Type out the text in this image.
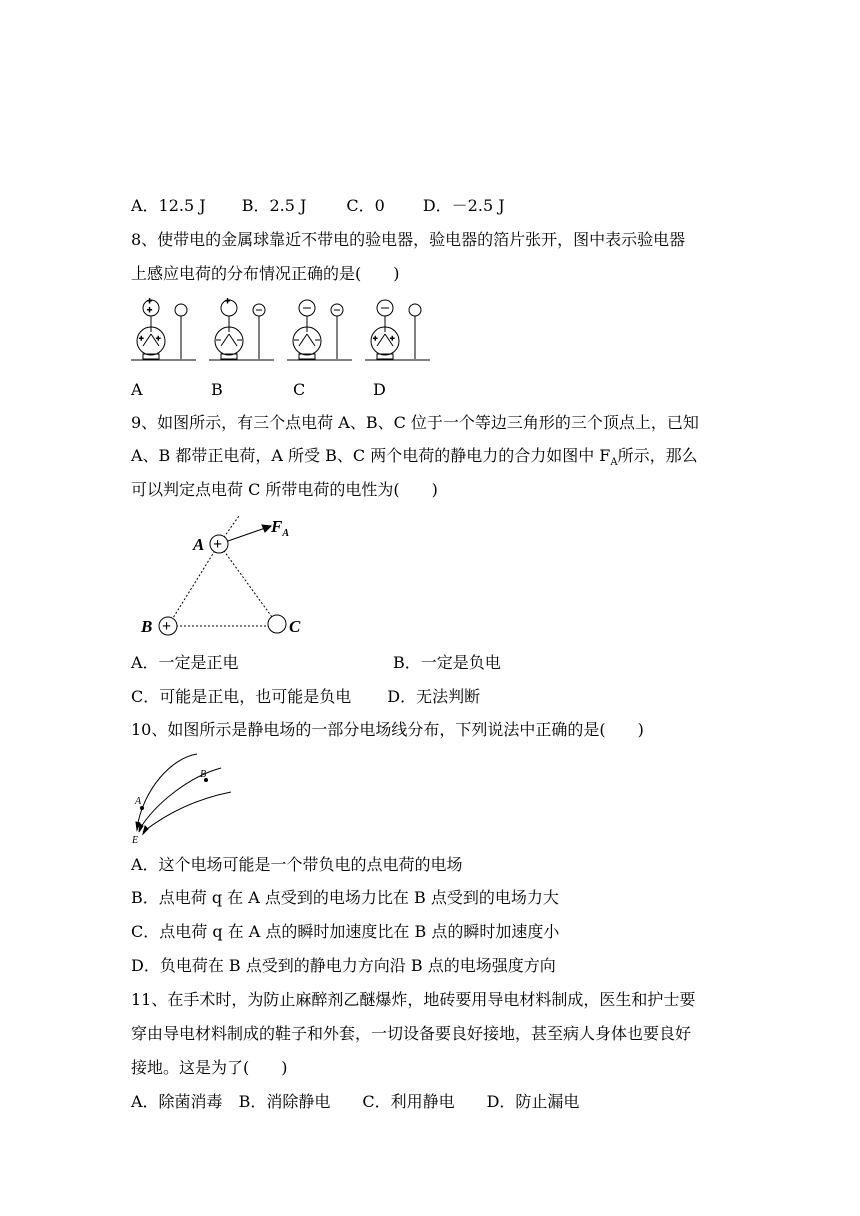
A．12.5 J B．2.5 J	C．0 D．－2.5 J
8、使带电的金属球靠近不带电的验电器，验电器的箔片张开，图中表示验电器
上感应电荷的分布情况正确的是(　　)
+
+
+ +
+
+ +
A	B	C	D
9、如图所示，有三个点电荷 A、B、C 位于一个等边三角形的三个顶点上，已知
A、B 都带正电荷，A 所受 B、C 两个电荷的静电力的合力如图中 $F_A$所示，那么
可以判定点电荷 C 所带电荷的电性为(　　)
+
+
A
B	C
$F_A$
A．一定是正电	B．一定是负电
C．可能是正电，也可能是负电 D．无法判断
10、如图所示是静电场的一部分电场线分布，下列说法中正确的是(　　)
A
B
E
A．这个电场可能是一个带负电的点电荷的电场
B．点电荷 q 在 A 点受到的电场力比在 B 点受到的电场力大
C．点电荷 q 在 A 点的瞬时加速度比在 B 点的瞬时加速度小
D．负电荷在 B 点受到的静电力方向沿 B 点的电场强度方向
11、在手术时，为防止麻醉剂乙醚爆炸，地砖要用导电材料制成，医生和护士要
穿由导电材料制成的鞋子和外套，一切设备要良好接地，甚至病人身体也要良好
接地。这是为了(　　)
A．除菌消毒 B．消除静电 C．利用静电 D．防止漏电
